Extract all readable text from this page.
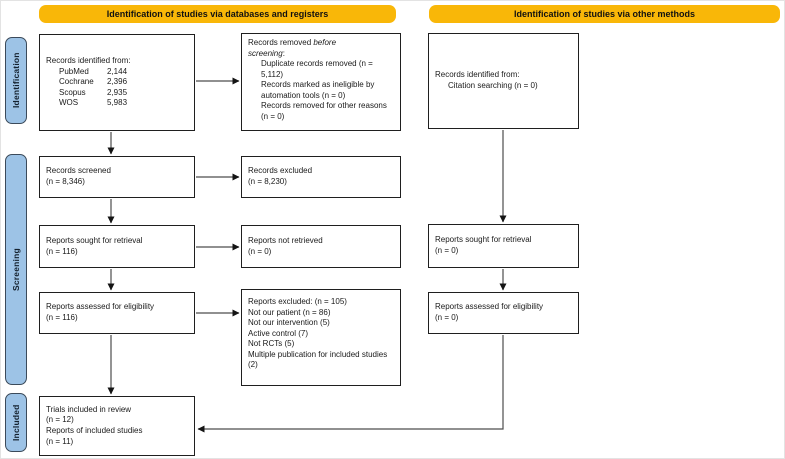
Identification of studies via databases and registers	Identification of studies via other methods
Identification
Screening
Included
Records identified from:
PubMed	2,144
Cochrane	2,396
Scopus	2,935
WOS	5,983
Records screened
(n = 8,346)
Reports sought for retrieval
(n = 116)
Reports assessed for eligibility
(n = 116)
Trials included in review
(n = 12)
Reports of included studies
(n = 11)
Records removed before
screening:
Duplicate records removed (n = 5,112)
Records marked as ineligible by automation tools (n = 0)
Records removed for other reasons (n = 0)
Records excluded
(n = 8,230)
Reports not retrieved
(n = 0)
Reports excluded: (n = 105)
Not our patient (n = 86)
Not our intervention (5)
Active control (7)
Not RCTs (5)
Multiple publication for included studies (2)
Records identified from:
Citation searching (n = 0)
Reports sought for retrieval
(n = 0)
Reports assessed for eligibility
(n = 0)
